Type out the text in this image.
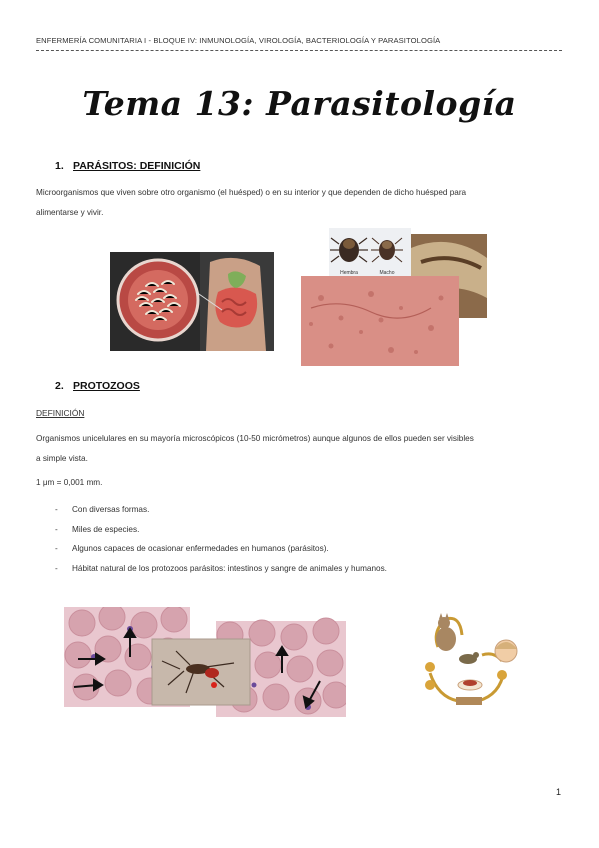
ENFERMERÍA COMUNITARIA I - BLOQUE IV: INMUNOLOGÍA, VIROLOGÍA, BACTERIOLOGÍA Y PARASITOLOGÍA
Tema 13: Parasitología
1. PARÁSITOS: DEFINICIÓN
Microorganismos que viven sobre otro organismo (el huésped) o en su interior y que dependen de dicho huésped para
alimentarse y vivir.
Hembra	Macho
2. PROTOZOOS
DEFINICIÓN
Organismos unicelulares en su mayoría microscópicos (10-50 micrómetros) aunque algunos de ellos pueden ser visibles
a simple vista.
1 μm = 0,001 mm.
- Con diversas formas.
- Miles de especies.
- Algunos capaces de ocasionar enfermedades en humanos (parásitos).
- Hábitat natural de los protozoos parásitos: intestinos y sangre de animales y humanos.
1
